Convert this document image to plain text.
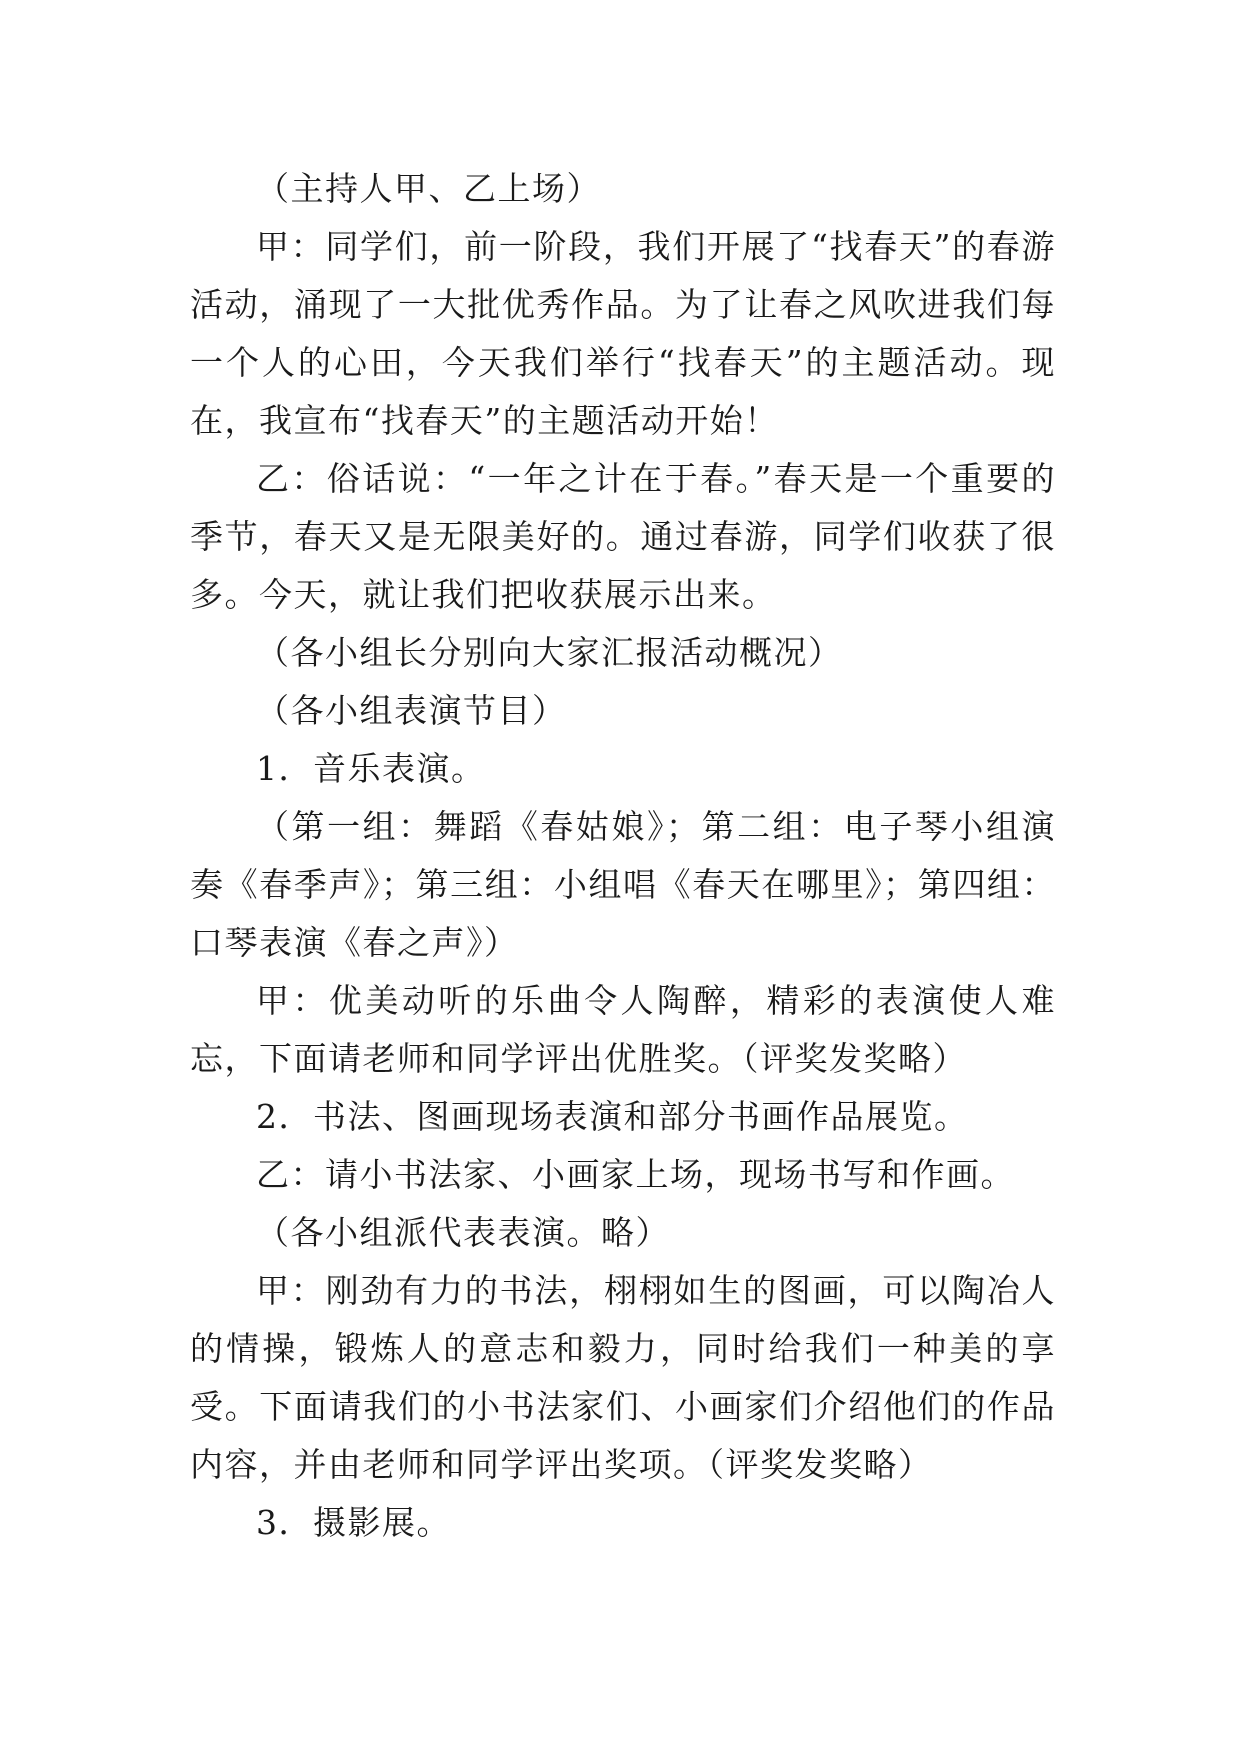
（主持人甲、乙上场）

甲：同学们，前一阶段，我们开展了“找春天”的春游活动，涌现了一大批优秀作品。为了让春之风吹进我们每一个人的心田，今天我们举行“找春天”的主题活动。现在，我宣布“找春天”的主题活动开始！

乙：俗话说：“一年之计在于春。”春天是一个重要的季节，春天又是无限美好的。通过春游，同学们收获了很多。今天，就让我们把收获展示出来。

（各小组长分别向大家汇报活动概况）

（各小组表演节目）

1．音乐表演。

（第一组：舞蹈《春姑娘》；第二组：电子琴小组演奏《春季声》；第三组：小组唱《春天在哪里》；第四组：口琴表演《春之声》）

甲：优美动听的乐曲令人陶醉，精彩的表演使人难忘，下面请老师和同学评出优胜奖。（评奖发奖略）

2．书法、图画现场表演和部分书画作品展览。

乙：请小书法家、小画家上场，现场书写和作画。

（各小组派代表表演。略）

甲：刚劲有力的书法，栩栩如生的图画，可以陶冶人的情操，锻炼人的意志和毅力，同时给我们一种美的享受。下面请我们的小书法家们、小画家们介绍他们的作品内容，并由老师和同学评出奖项。（评奖发奖略）

3．摄影展。
